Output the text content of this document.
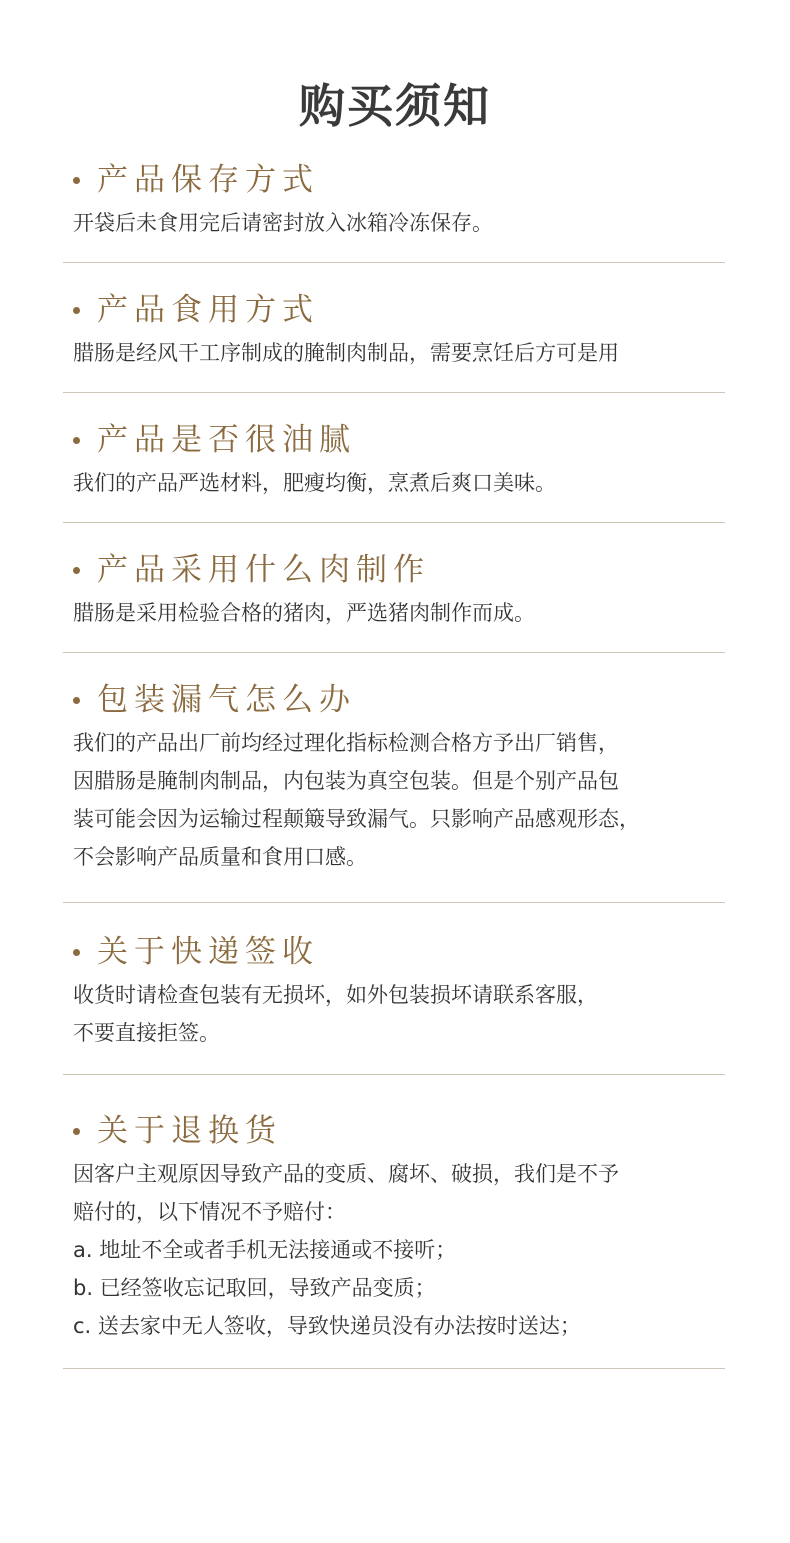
购买须知
产品保存方式
开袋后未食用完后请密封放入冰箱冷冻保存。
产品食用方式
腊肠是经风干工序制成的腌制肉制品，需要烹饪后方可是用
产品是否很油腻
我们的产品严选材料，肥瘦均衡，烹煮后爽口美味。
产品采用什么肉制作
腊肠是采用检验合格的猪肉，严选猪肉制作而成。
包装漏气怎么办
我们的产品出厂前均经过理化指标检测合格方予出厂销售，
因腊肠是腌制肉制品，内包装为真空包装。但是个别产品包
装可能会因为运输过程颠簸导致漏气。只影响产品感观形态，
不会影响产品质量和食用口感。
关于快递签收
收货时请检查包装有无损坏，如外包装损坏请联系客服，
不要直接拒签。
关于退换货
因客户主观原因导致产品的变质、腐坏、破损，我们是不予
赔付的，以下情况不予赔付：
a. 地址不全或者手机无法接通或不接听；
b. 已经签收忘记取回，导致产品变质；
c. 送去家中无人签收，导致快递员没有办法按时送达；
